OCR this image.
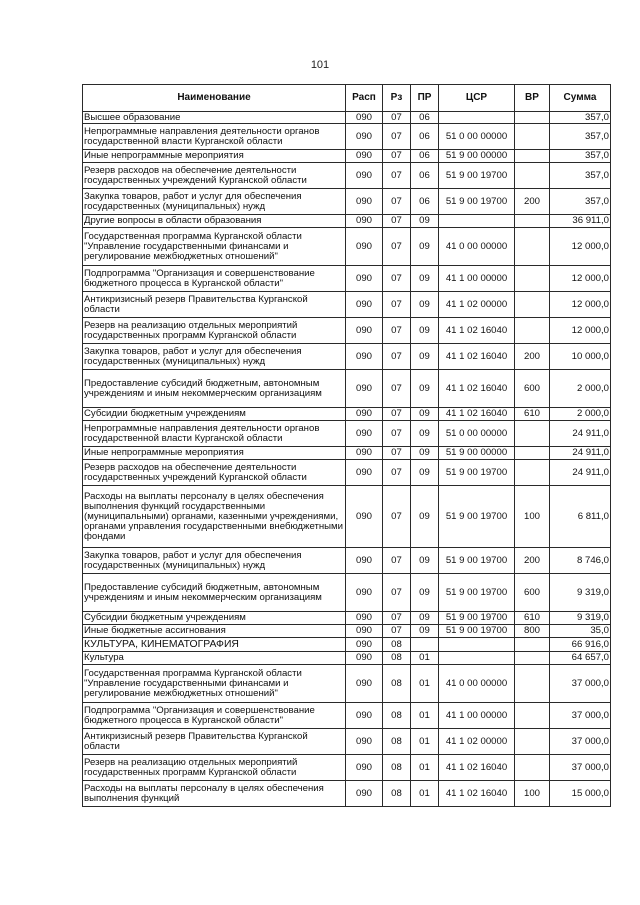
101
Наименование	Расп	Рз	ПР	ЦСР	ВР	Сумма
Высшее образование	090	07	06			357,0
Непрограммные направления деятельности органов государственной власти Курганской области	090	07	06	51 0 00 00000		357,0
Иные непрограммные мероприятия	090	07	06	51 9 00 00000		357,0
Резерв расходов на обеспечение деятельности государственных учреждений Курганской области	090	07	06	51 9 00 19700		357,0
Закупка товаров, работ и услуг для обеспечения государственных (муниципальных) нужд	090	07	06	51 9 00 19700	200	357,0
Другие вопросы в области образования	090	07	09			36 911,0
Государственная программа Курганской области "Управление государственными финансами и регулирование межбюджетных отношений"	090	07	09	41 0 00 00000		12 000,0
Подпрограмма "Организация и совершенствование бюджетного процесса в Курганской области"	090	07	09	41 1 00 00000		12 000,0
Антикризисный резерв Правительства Курганской области	090	07	09	41 1 02 00000		12 000,0
Резерв на реализацию отдельных мероприятий государственных программ Курганской области	090	07	09	41 1 02 16040		12 000,0
Закупка товаров, работ и услуг для обеспечения государственных (муниципальных) нужд	090	07	09	41 1 02 16040	200	10 000,0
Предоставление субсидий бюджетным, автономным учреждениям и иным некоммерческим организациям	090	07	09	41 1 02 16040	600	2 000,0
Субсидии бюджетным учреждениям	090	07	09	41 1 02 16040	610	2 000,0
Непрограммные направления деятельности органов государственной власти Курганской области	090	07	09	51 0 00 00000		24 911,0
Иные непрограммные мероприятия	090	07	09	51 9 00 00000		24 911,0
Резерв расходов на обеспечение деятельности государственных учреждений Курганской области	090	07	09	51 9 00 19700		24 911,0
Расходы на выплаты персоналу в целях обеспечения выполнения функций государственными (муниципальными) органами, казенными учреждениями, органами управления государственными внебюджетными фондами	090	07	09	51 9 00 19700	100	6 811,0
Закупка товаров, работ и услуг для обеспечения государственных (муниципальных) нужд	090	07	09	51 9 00 19700	200	8 746,0
Предоставление субсидий бюджетным, автономным учреждениям и иным некоммерческим организациям	090	07	09	51 9 00 19700	600	9 319,0
Субсидии бюджетным учреждениям	090	07	09	51 9 00 19700	610	9 319,0
Иные бюджетные ассигнования	090	07	09	51 9 00 19700	800	35,0
КУЛЬТУРА, КИНЕМАТОГРАФИЯ	090	08				66 916,0
Культура	090	08	01			64 657,0
Государственная программа Курганской области "Управление государственными финансами и регулирование межбюджетных отношений"	090	08	01	41 0 00 00000		37 000,0
Подпрограмма "Организация и совершенствование бюджетного процесса в Курганской области"	090	08	01	41 1 00 00000		37 000,0
Антикризисный резерв Правительства Курганской области	090	08	01	41 1 02 00000		37 000,0
Резерв на реализацию отдельных мероприятий государственных программ Курганской области	090	08	01	41 1 02 16040		37 000,0
Расходы на выплаты персоналу в целях обеспечения выполнения функций	090	08	01	41 1 02 16040	100	15 000,0
